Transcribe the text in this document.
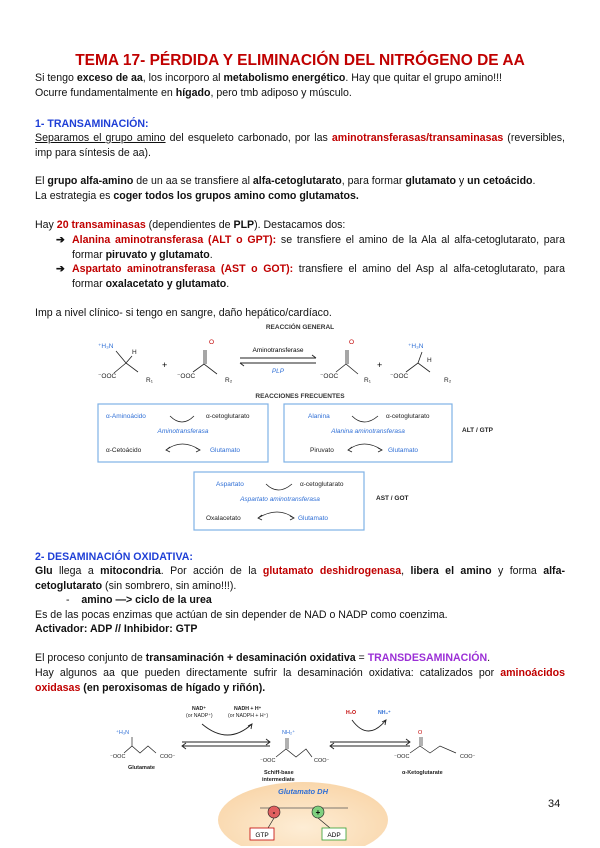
TEMA 17- PÉRDIDA Y ELIMINACIÓN DEL NITRÓGENO DE AA
Si tengo exceso de aa, los incorporo al metabolismo energético. Hay que quitar el grupo amino!!!
Ocurre fundamentalmente en hígado, pero tmb adiposo y músculo.
1- TRANSAMINACIÓN:
Separamos el grupo amino del esqueleto carbonado, por las aminotransferasas/transaminasas (reversibles, imp para síntesis de aa).
El grupo alfa-amino de un aa se transfiere al alfa-cetoglutarato, para formar glutamato y un cetoácido.
La estrategia es coger todos los grupos amino como glutamatos.
Hay 20 transaminasas (dependientes de PLP). Destacamos dos:
➔ Alanina aminotransferasa (ALT o GPT): se transfiere el amino de la Ala al alfa-cetoglutarato, para formar piruvato y glutamato.
➔ Aspartato aminotransferasa (AST o GOT): transfiere el amino del Asp al alfa-cetoglutarato, para formar oxalacetato y glutamato.
Imp a nivel clínico- si tengo en sangre, daño hepático/cardíaco.
REACCIÓN GENERAL
⁺H₃N
H
⁻OOC
R₁
+
⁻OOC
O
R₂
Aminotransferase
PLP
⁻OOC
O
R₁
+
⁺H₃N
H
⁻OOC
R₂
REACCIONES FRECUENTES
α-Aminoácido	α-cetoglutarato
Aminotransferasa
α-Cetoácido	Glutamato
Alanina	α-cetoglutarato
Alanina aminotransferasa
Piruvato	Glutamato
ALT / GTP
Aspartato	α-cetoglutarato
Aspartato aminotransferasa
Oxalacetato	Glutamato
AST / GOT
2- DESAMINACIÓN OXIDATIVA:
Glu llega a mitocondria. Por acción de la glutamato deshidrogenasa, libera el amino y forma alfa-cetoglutarato (sin sombrero, sin amino!!!).
- amino —> ciclo de la urea
Es de las pocas enzimas que actúan de sin depender de NAD o NADP como coenzima.
Activador: ADP // Inhibidor: GTP
El proceso conjunto de transaminación + desaminación oxidativa = TRANSDESAMINACIÓN.
Hay algunos aa que pueden directamente sufrir la desaminación oxidativa: catalizados por aminoácidos oxidasas (en peroxisomas de hígado y riñón).
NAD⁺
(or NADP⁺)
NADH + H⁺
(or NADPH + H⁺)	H₂O	NH₄⁺
⁺H₃N
⁻OOC	COO⁻
Glutamate
NH₂⁺
⁻OOC	COO⁻
Schiff-base
intermediate
O
⁻OOC	COO⁻
α-Ketoglutarate
Glutamato DH
-	+
GTP	ADP
34
